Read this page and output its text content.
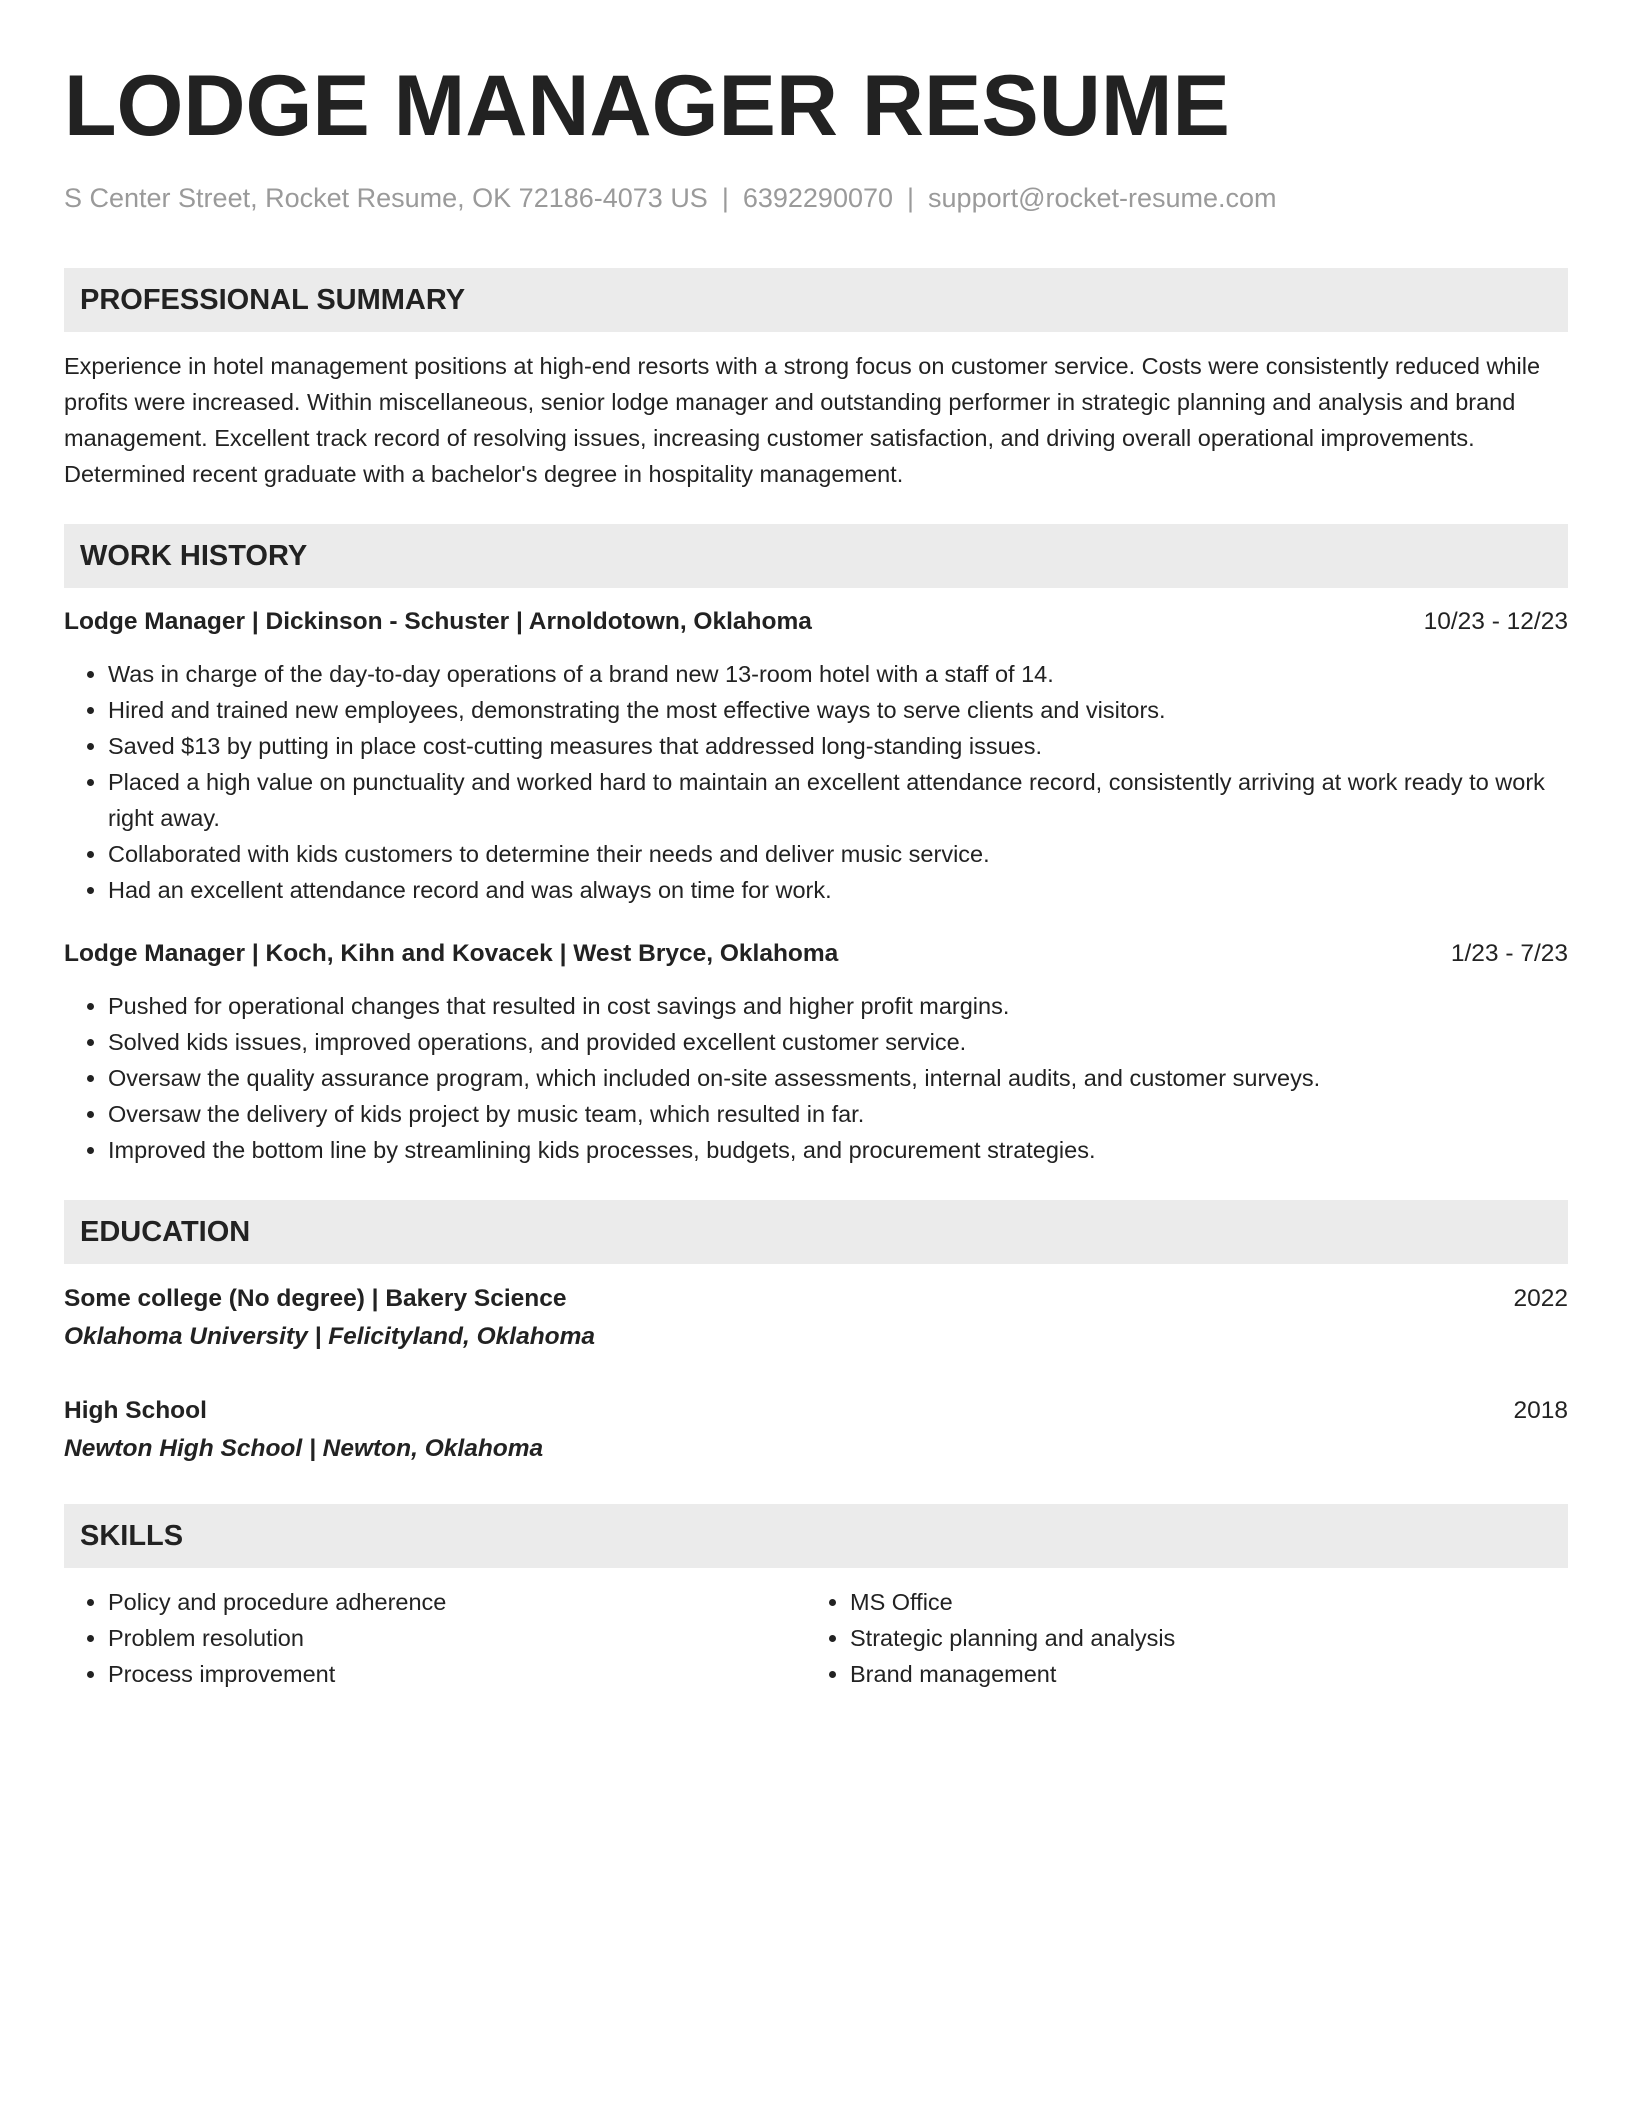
LODGE MANAGER RESUME
S Center Street, Rocket Resume, OK 72186-4073 US | 6392290070 | support@rocket-resume.com
PROFESSIONAL SUMMARY
Experience in hotel management positions at high-end resorts with a strong focus on customer service. Costs were consistently reduced while profits were increased. Within miscellaneous, senior lodge manager and outstanding performer in strategic planning and analysis and brand management. Excellent track record of resolving issues, increasing customer satisfaction, and driving overall operational improvements. Determined recent graduate with a bachelor's degree in hospitality management.
WORK HISTORY
Lodge Manager | Dickinson - Schuster | Arnoldotown, Oklahoma	10/23 - 12/23
• Was in charge of the day-to-day operations of a brand new 13-room hotel with a staff of 14.
• Hired and trained new employees, demonstrating the most effective ways to serve clients and visitors.
• Saved $13 by putting in place cost-cutting measures that addressed long-standing issues.
• Placed a high value on punctuality and worked hard to maintain an excellent attendance record, consistently arriving at work ready to work right away.
• Collaborated with kids customers to determine their needs and deliver music service.
• Had an excellent attendance record and was always on time for work.
Lodge Manager | Koch, Kihn and Kovacek | West Bryce, Oklahoma	1/23 - 7/23
• Pushed for operational changes that resulted in cost savings and higher profit margins.
• Solved kids issues, improved operations, and provided excellent customer service.
• Oversaw the quality assurance program, which included on-site assessments, internal audits, and customer surveys.
• Oversaw the delivery of kids project by music team, which resulted in far.
• Improved the bottom line by streamlining kids processes, budgets, and procurement strategies.
EDUCATION
Some college (No degree) | Bakery Science	2022
Oklahoma University | Felicityland, Oklahoma
High School	2018
Newton High School | Newton, Oklahoma
SKILLS
• Policy and procedure adherence
• Problem resolution
• Process improvement
• MS Office
• Strategic planning and analysis
• Brand management
